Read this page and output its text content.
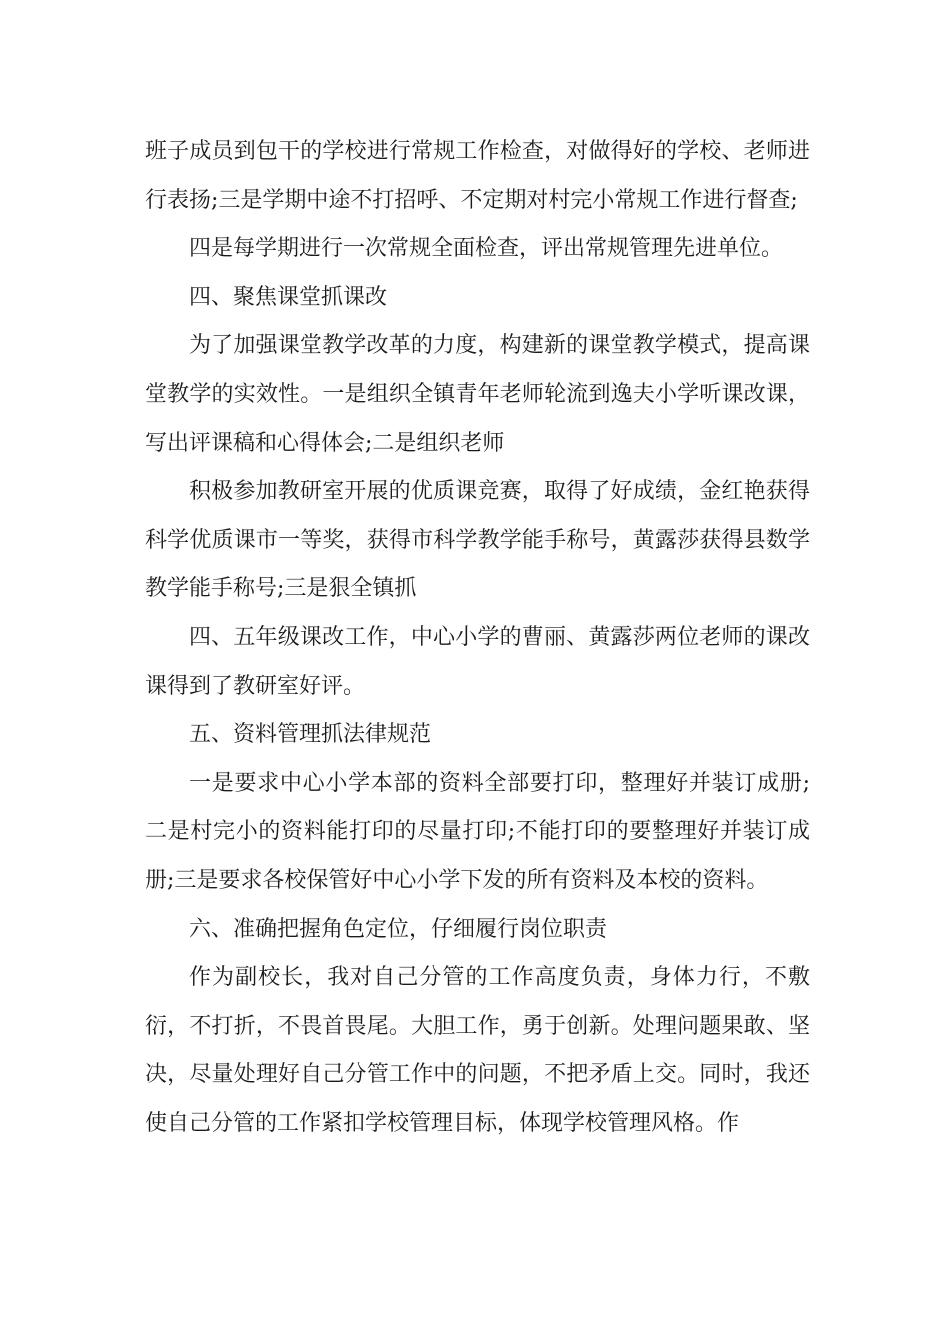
班子成员到包干的学校进行常规工作检查，对做得好的学校、老师进行表扬;三是学期中途不打招呼、不定期对村完小常规工作进行督查;

四是每学期进行一次常规全面检查，评出常规管理先进单位。

四、聚焦课堂抓课改

为了加强课堂教学改革的力度，构建新的课堂教学模式，提高课堂教学的实效性。一是组织全镇青年老师轮流到逸夫小学听课改课，写出评课稿和心得体会;二是组织老师

积极参加教研室开展的优质课竞赛，取得了好成绩，金红艳获得科学优质课市一等奖，获得市科学教学能手称号，黄露莎获得县数学教学能手称号;三是狠全镇抓

四、五年级课改工作，中心小学的曹丽、黄露莎两位老师的课改课得到了教研室好评。

五、资料管理抓法律规范

一是要求中心小学本部的资料全部要打印，整理好并装订成册;二是村完小的资料能打印的尽量打印;不能打印的要整理好并装订成册;三是要求各校保管好中心小学下发的所有资料及本校的资料。

六、准确把握角色定位，仔细履行岗位职责

作为副校长，我对自己分管的工作高度负责，身体力行，不敷衍，不打折，不畏首畏尾。大胆工作，勇于创新。处理问题果敢、坚决，尽量处理好自己分管工作中的问题，不把矛盾上交。同时，我还使自己分管的工作紧扣学校管理目标，体现学校管理风格。作
